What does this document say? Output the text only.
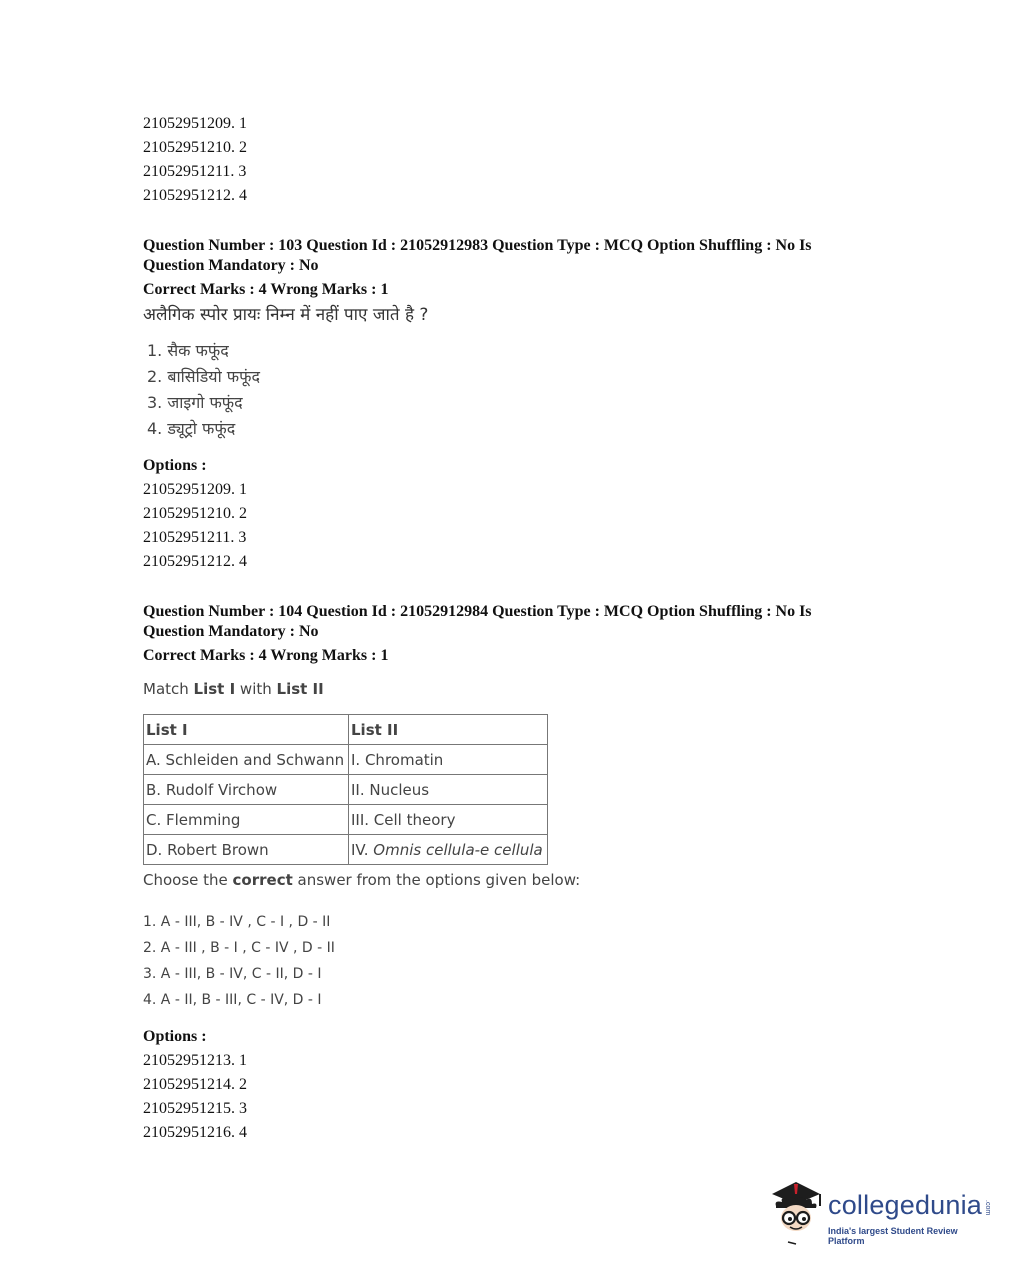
21052951209. 1

21052951210. 2

21052951211. 3

21052951212. 4

Question Number : 103 Question Id : 21052912983 Question Type : MCQ Option Shuffling : No Is

Question Mandatory : No

Correct Marks : 4 Wrong Marks : 1

अलैगिक स्पोर प्रायः निम्न में नहीं पाए जाते है ?

1. सैक फफूंद
2. बासिडियो फफूंद
3. जाइगो फफूंद
4. ड्यूट्रो फफूंद

Options :

21052951209. 1

21052951210. 2

21052951211. 3

21052951212. 4

Question Number : 104 Question Id : 21052912984 Question Type : MCQ Option Shuffling : No Is

Question Mandatory : No

Correct Marks : 4 Wrong Marks : 1

Match List I with List II

List I	List II
A. Schleiden and Schwann	I. Chromatin
B. Rudolf Virchow	II. Nucleus
C. Flemming	III. Cell theory
D. Robert Brown	IV. Omnis cellula-e cellula

Choose the correct answer from the options given below:

1. A - III, B - IV , C - I , D - II
2. A - III , B - I , C - IV , D - II
3. A - III, B - IV, C - II, D - I
4. A - II, B - III, C - IV, D - I

Options :

21052951213. 1

21052951214. 2

21052951215. 3

21052951216. 4

collegedunia .com
India's largest Student Review Platform
